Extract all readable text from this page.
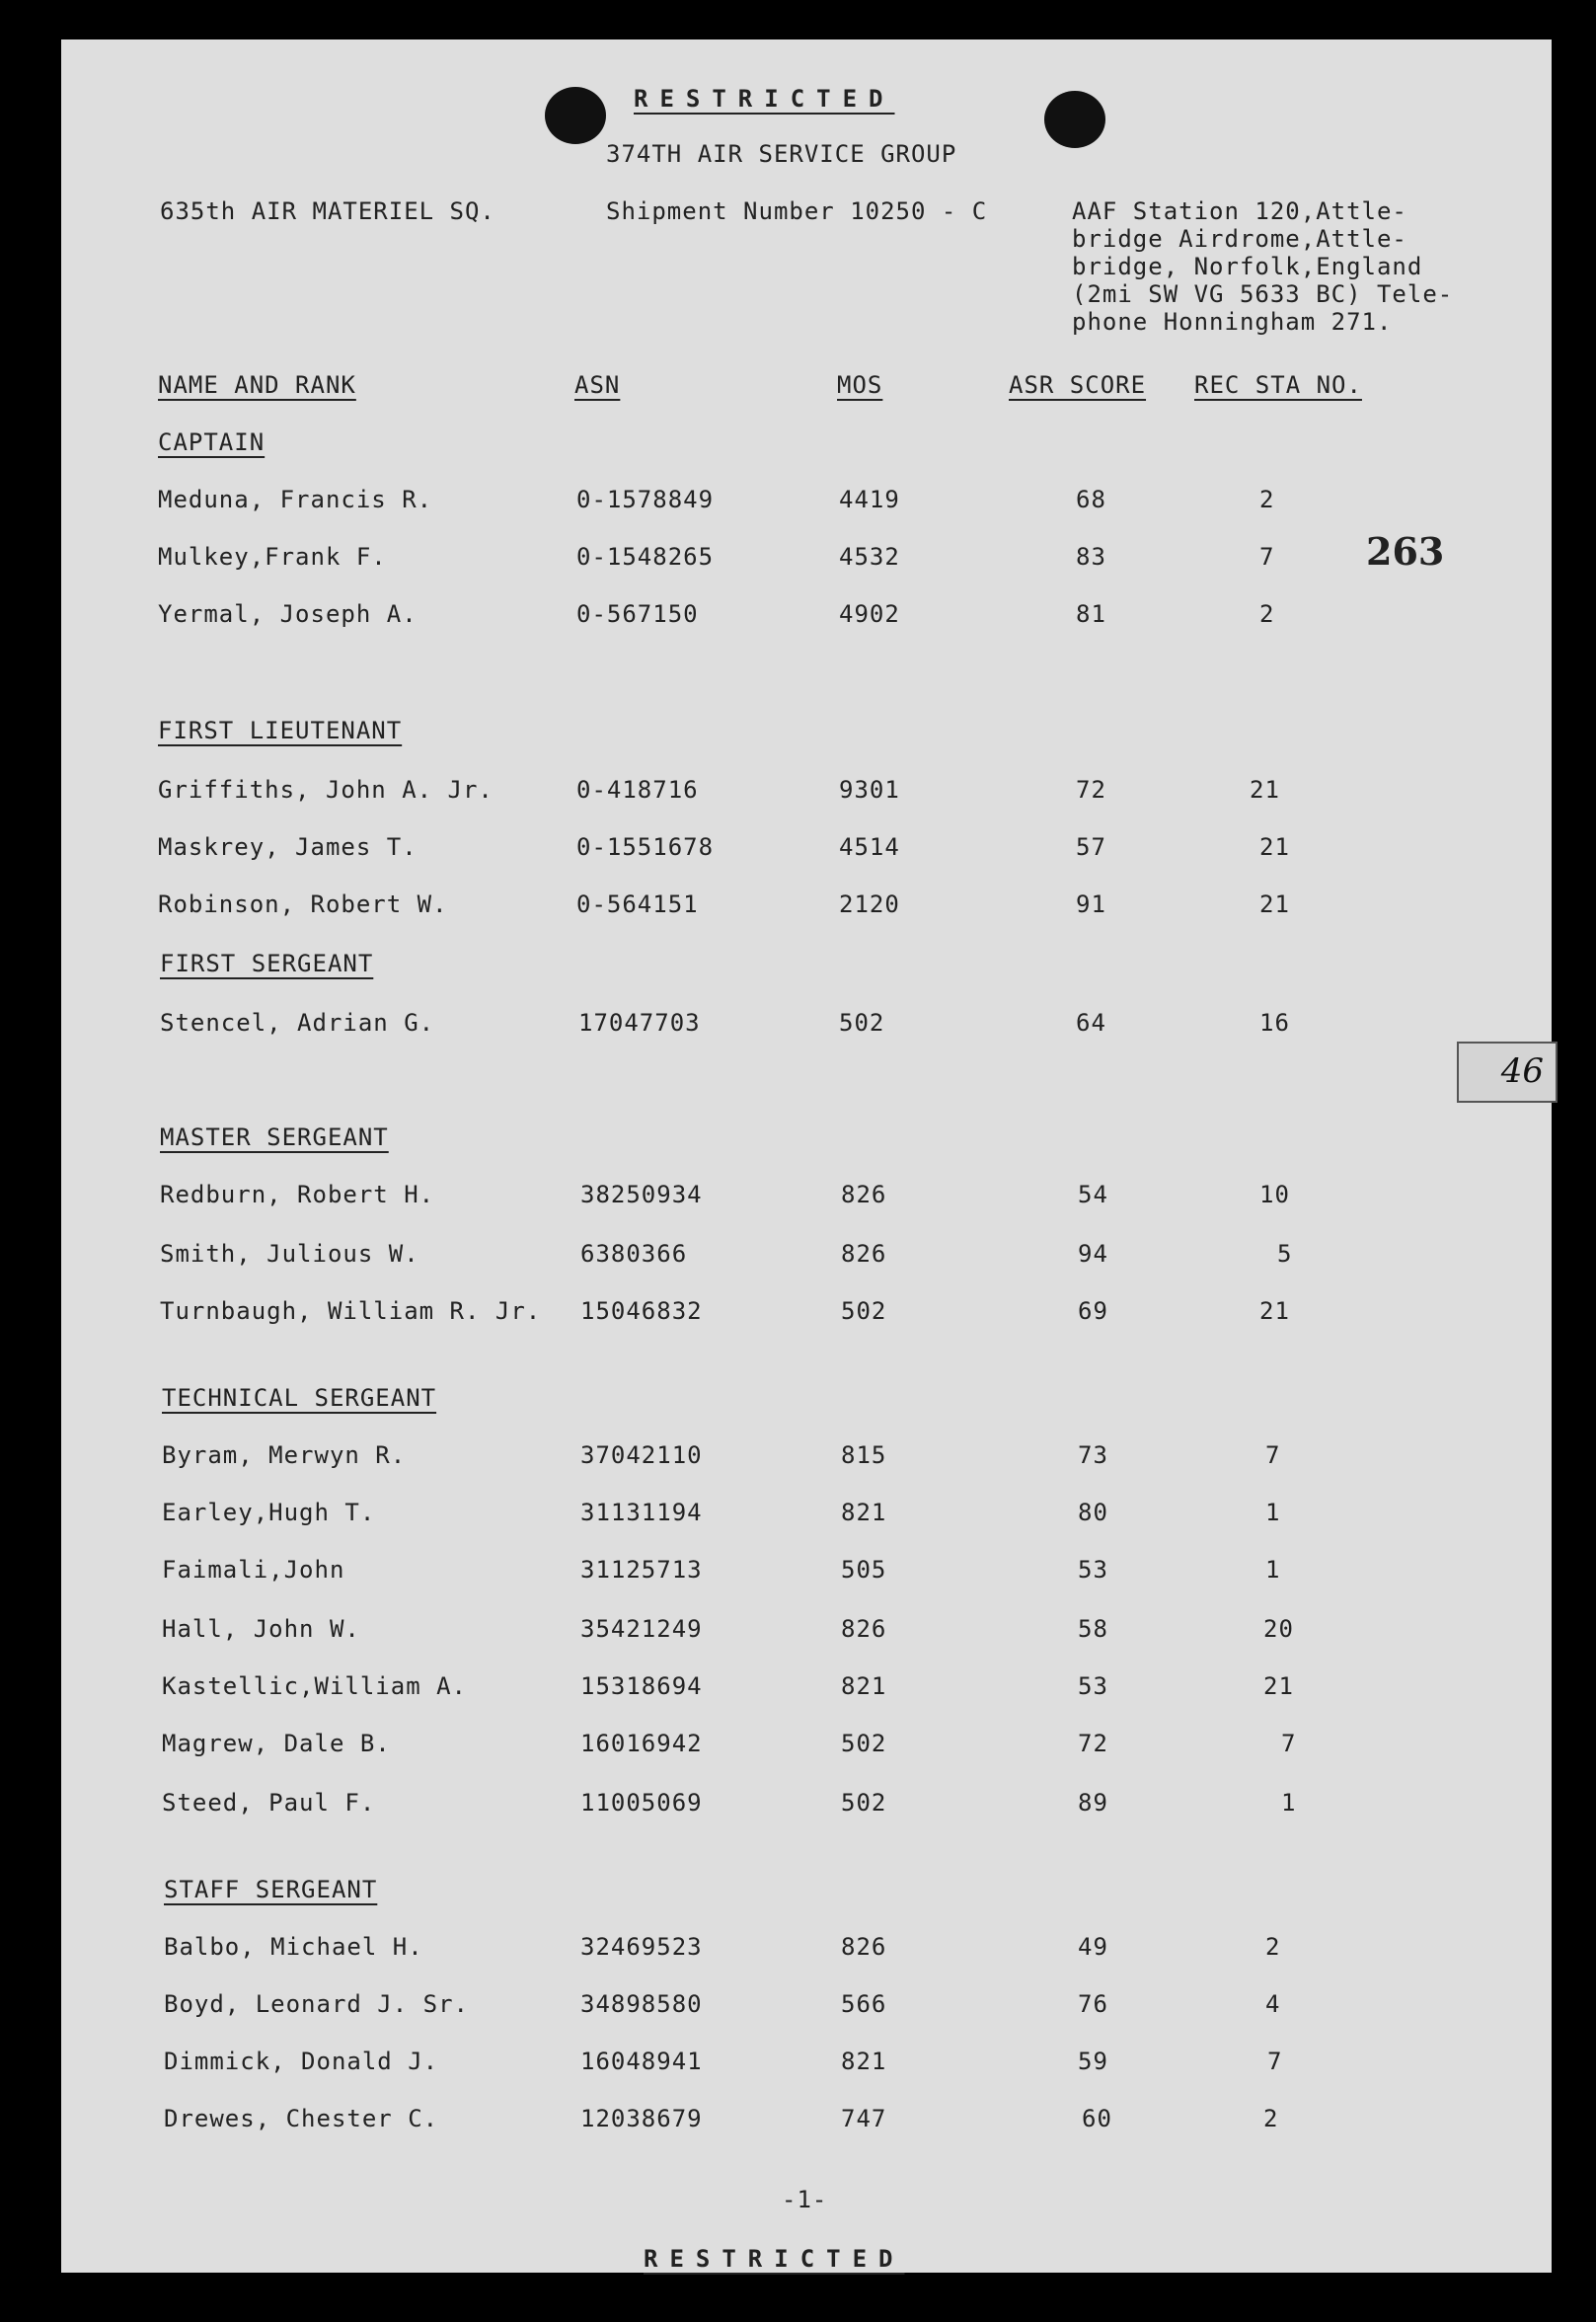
RESTRICTED
374TH AIR SERVICE GROUP
635th AIR MATERIEL SQ.	Shipment Number 10250 - C	AAF Station 120,Attle-
bridge Airdrome,Attle-
bridge, Norfolk,England
(2mi SW VG 5633 BC) Tele-
phone Honningham 271.
NAME AND RANK	ASN	MOS	ASR SCORE REC STA NO.
263
CAPTAIN
Meduna, Francis R.	0-1578849	4419	68	2
Mulkey,Frank F.	0-1548265	4532	83	7
Yermal, Joseph A.	0-567150	4902	81	2
FIRST LIEUTENANT
Griffiths, John A. Jr.	0-418716	9301	72	21
Maskrey, James T.	0-1551678	4514	57	21
Robinson, Robert W.	0-564151	2120	91	21
FIRST SERGEANT
Stencel, Adrian G.	17047703	502	64	16
MASTER SERGEANT
Redburn, Robert H.	38250934	826	54	10
Smith, Julious W.	6380366	826	94	5
Turnbaugh, William R. Jr. 15046832	502	69	21
TECHNICAL SERGEANT
Byram, Merwyn R.	37042110	815	73	7
Earley,Hugh T.	31131194	821	80	1
Faimali,John	31125713	505	53	1
Hall, John W.	35421249	826	58	20
Kastellic,William A.	15318694	821	53	21
Magrew, Dale B.	16016942	502	72	7
Steed, Paul F.	11005069	502	89	1
STAFF SERGEANT
Balbo, Michael H.	32469523	826	49	2
Boyd, Leonard J. Sr.	34898580	566	76	4
Dimmick, Donald J.	16048941	821	59	7
Drewes, Chester C.	12038679	747	60	2
-1-
RESTRICTED
46
